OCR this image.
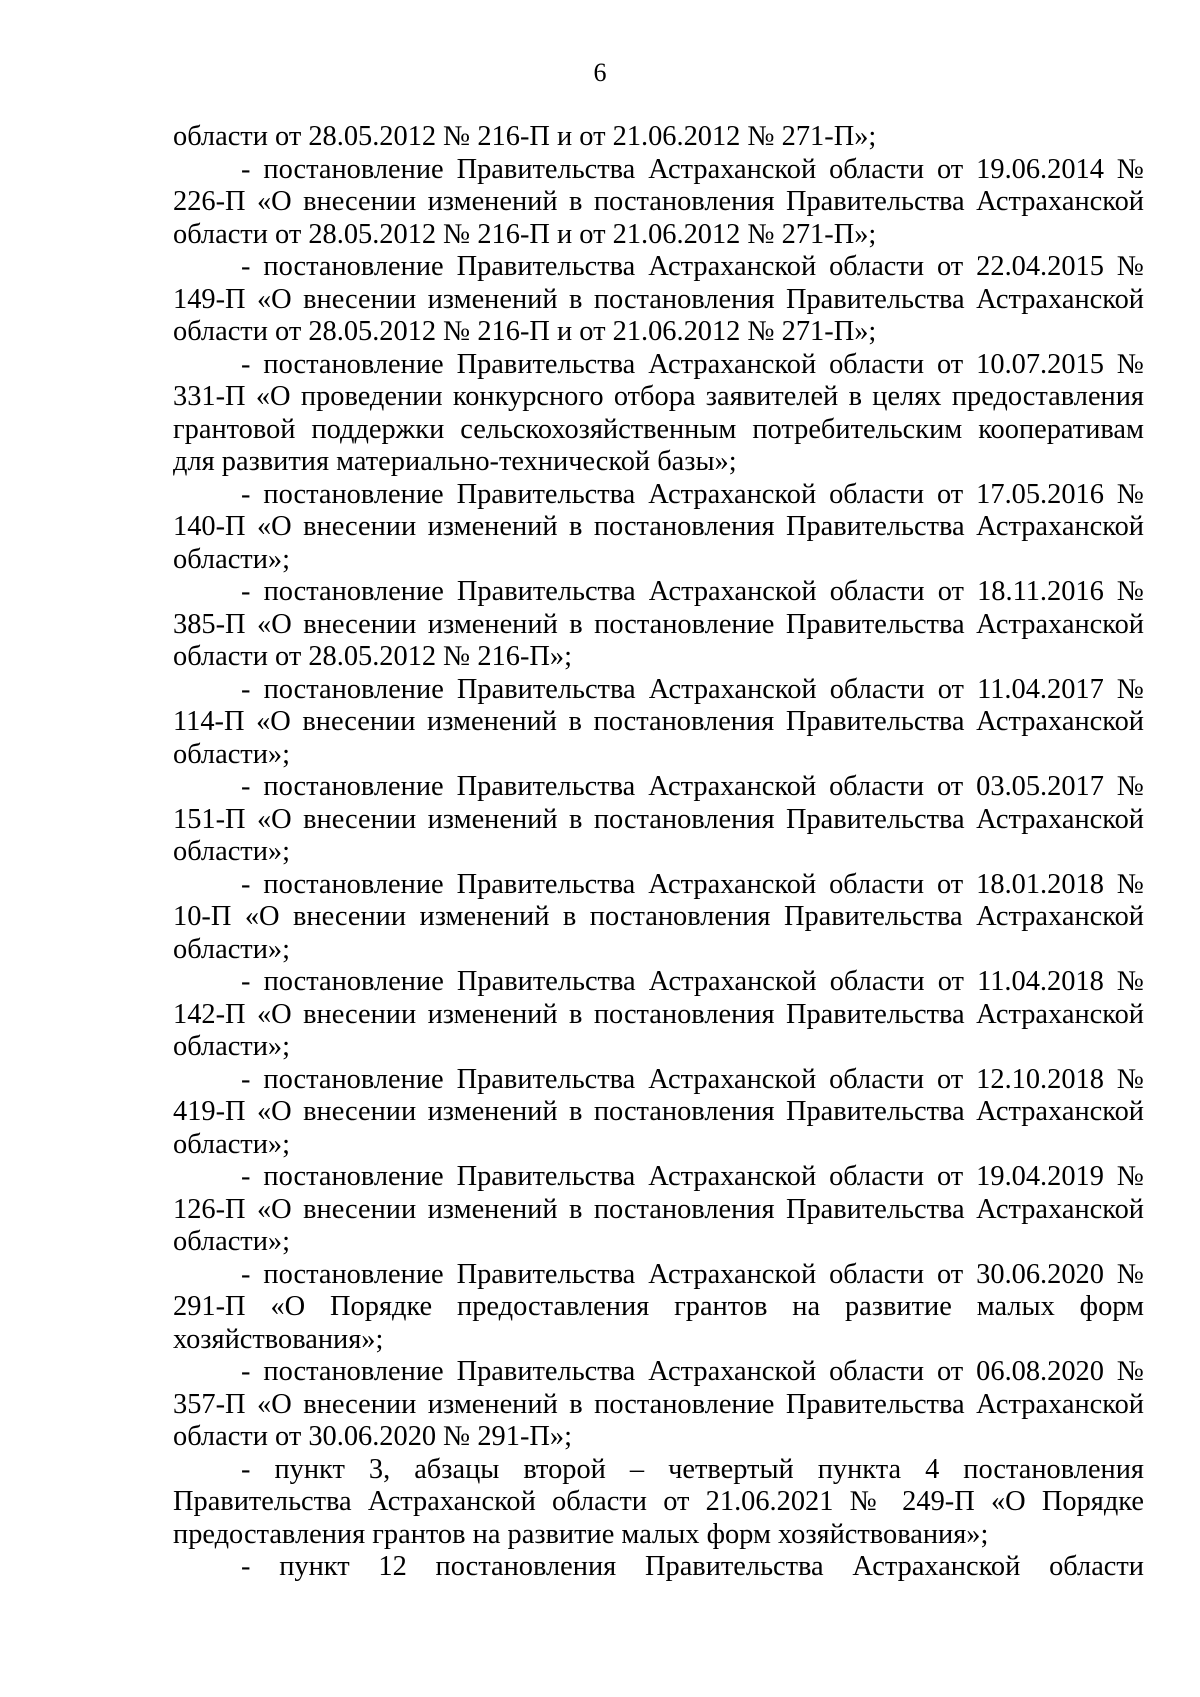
6

области от 28.05.2012 № 216-П и от 21.06.2012 № 271-П»;

- постановление Правительства Астраханской области от 19.06.2014 № 226-П «О внесении изменений в постановления Правительства Астраханской области от 28.05.2012 № 216-П и от 21.06.2012 № 271-П»;

- постановление Правительства Астраханской области от 22.04.2015 № 149-П «О внесении изменений в постановления Правительства Астраханской области от 28.05.2012 № 216-П и от 21.06.2012 № 271-П»;

- постановление Правительства Астраханской области от 10.07.2015 № 331-П «О проведении конкурсного отбора заявителей в целях предоставления грантовой поддержки сельскохозяйственным потребительским кооперативам для развития материально-технической базы»;

- постановление Правительства Астраханской области от 17.05.2016 № 140-П «О внесении изменений в постановления Правительства Астраханской области»;

- постановление Правительства Астраханской области от 18.11.2016 № 385-П «О внесении изменений в постановление Правительства Астраханской области от 28.05.2012 № 216-П»;

- постановление Правительства Астраханской области от 11.04.2017 № 114-П «О внесении изменений в постановления Правительства Астраханской области»;

- постановление Правительства Астраханской области от 03.05.2017 № 151-П «О внесении изменений в постановления Правительства Астраханской области»;

- постановление Правительства Астраханской области от 18.01.2018 № 10-П «О внесении изменений в постановления Правительства Астраханской области»;

- постановление Правительства Астраханской области от 11.04.2018 № 142-П «О внесении изменений в постановления Правительства Астраханской области»;

- постановление Правительства Астраханской области от 12.10.2018 № 419-П «О внесении изменений в постановления Правительства Астраханской области»;

- постановление Правительства Астраханской области от 19.04.2019 № 126-П «О внесении изменений в постановления Правительства Астраханской области»;

- постановление Правительства Астраханской области от 30.06.2020 № 291-П «О Порядке предоставления грантов на развитие малых форм хозяйствования»;

- постановление Правительства Астраханской области от 06.08.2020 № 357-П «О внесении изменений в постановление Правительства Астраханской области от 30.06.2020 № 291-П»;

- пункт 3, абзацы второй – четвертый пункта 4 постановления Правительства Астраханской области от 21.06.2021 № 249-П «О Порядке предоставления грантов на развитие малых форм хозяйствования»;

- пункт 12 постановления Правительства Астраханской области
